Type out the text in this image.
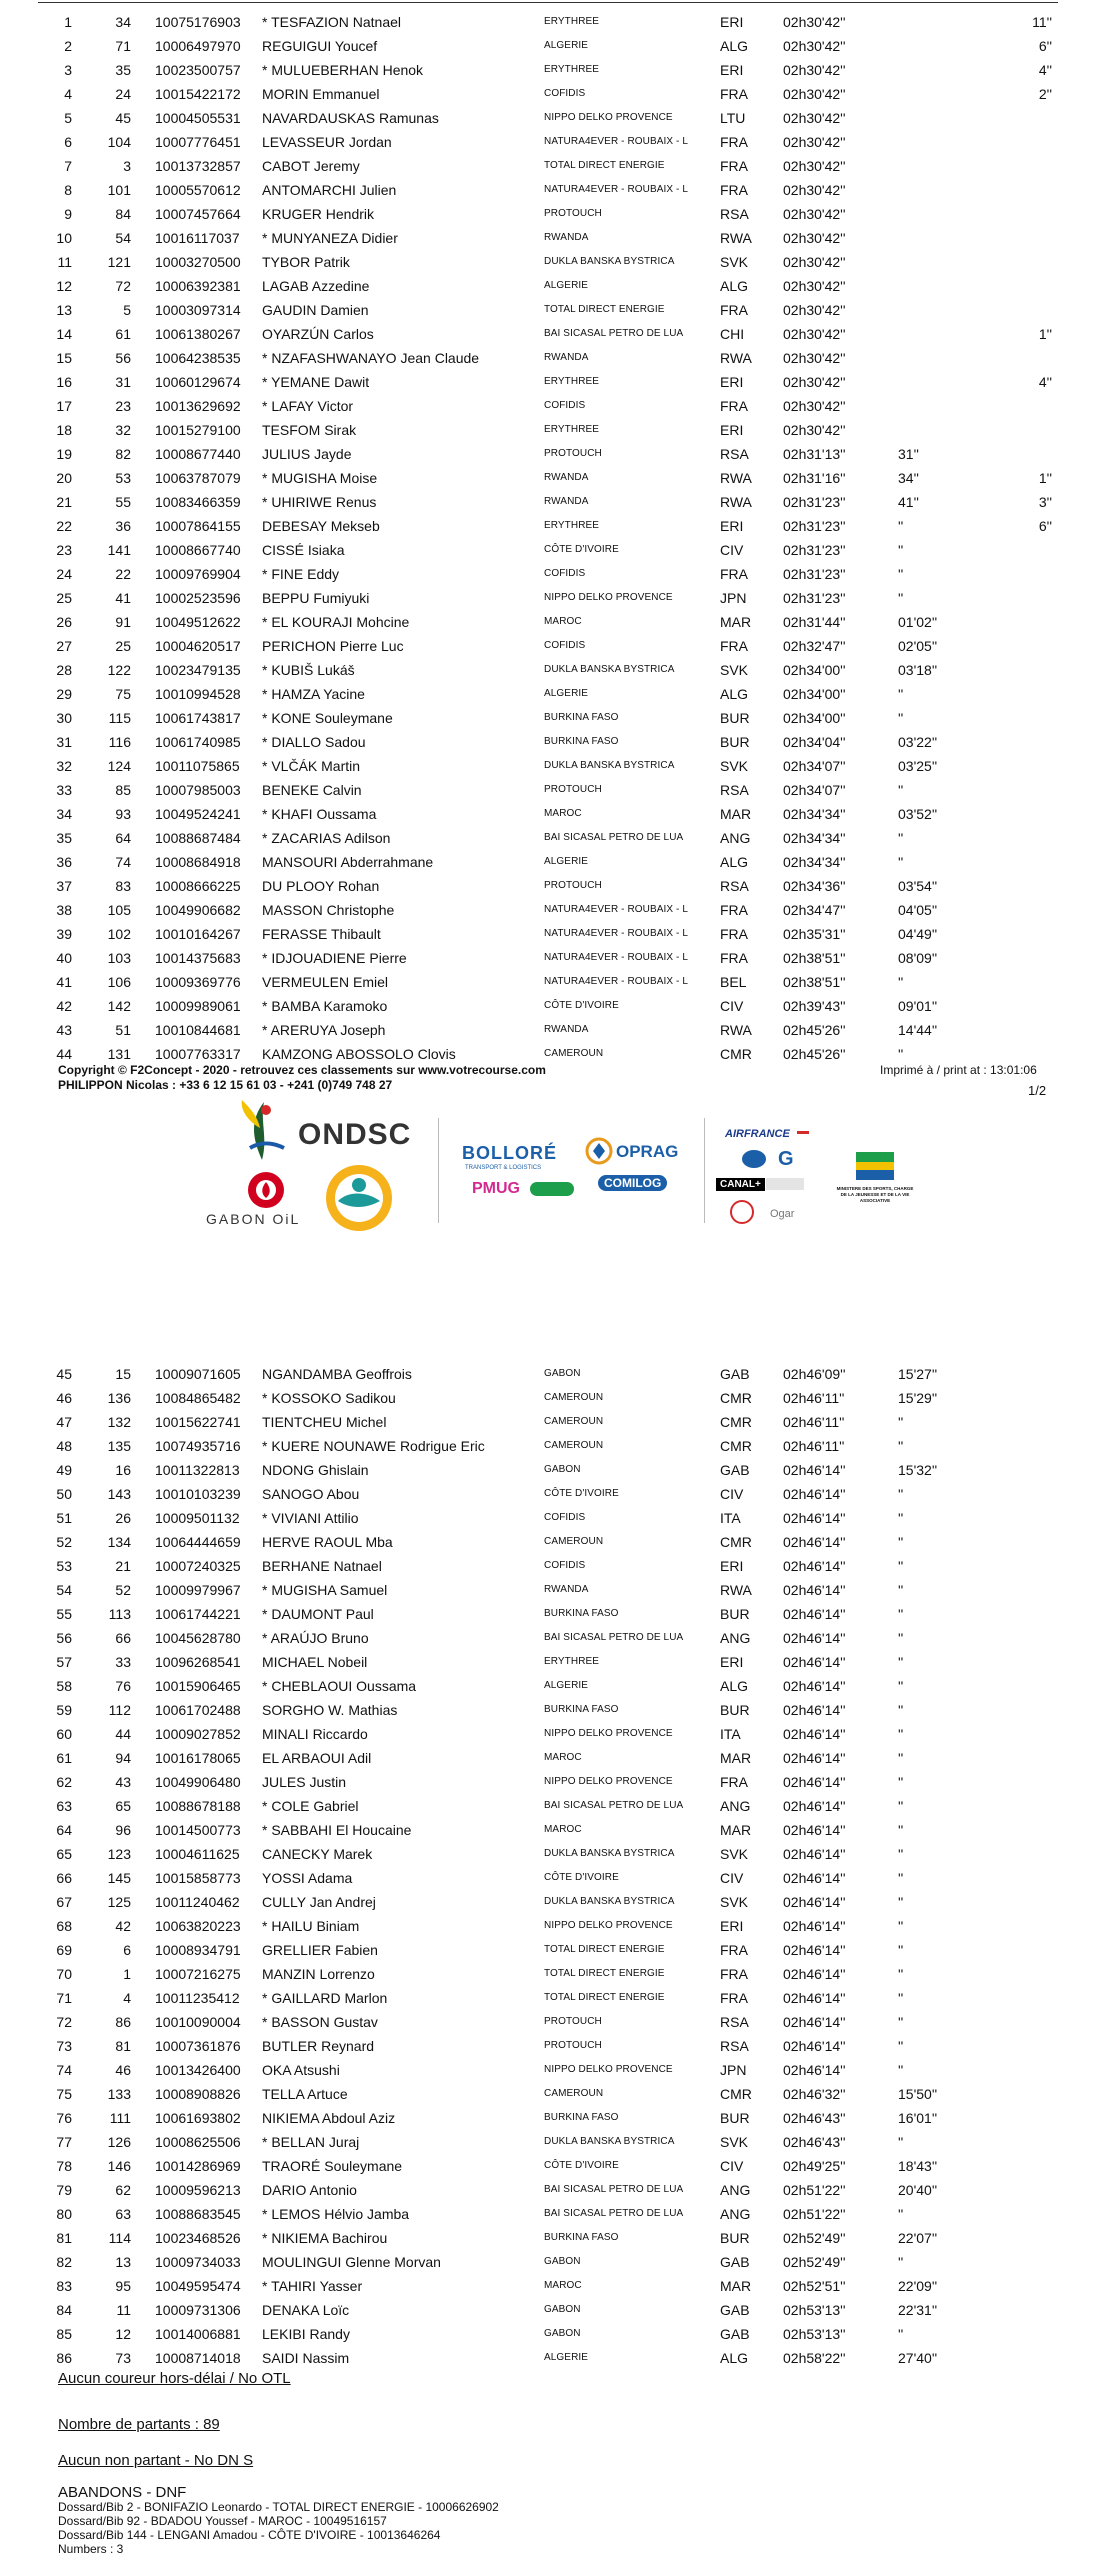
1	34 10075176903 * TESFAZION Natnael	ERYTHREE	ERI	02h30'42''	11''
2	71 10006497970 REGUIGUI Youcef	ALGERIE	ALG 02h30'42''	6''
3	35 10023500757 * MULUEBERHAN Henok	ERYTHREE	ERI	02h30'42''	4''
4	24 10015422172 MORIN Emmanuel	COFIDIS	FRA	02h30'42''	2''
5	45 10004505531 NAVARDAUSKAS Ramunas	NIPPO DELKO PROVENCE	LTU	02h30'42''
6	104 10007776451 LEVASSEUR Jordan	NATURA4EVER - ROUBAIX - L FRA	02h30'42''
7	3 10013732857 CABOT Jeremy	TOTAL DIRECT ENERGIE	FRA	02h30'42''
8	101 10005570612 ANTOMARCHI Julien	NATURA4EVER - ROUBAIX - L FRA	02h30'42''
9	84 10007457664 KRUGER Hendrik	PROTOUCH	RSA 02h30'42''
10	54 10016117037 * MUNYANEZA Didier	RWANDA	RWA 02h30'42''
11	121 10003270500 TYBOR Patrik	DUKLA BANSKA BYSTRICA	SVK 02h30'42''
12	72 10006392381 LAGAB Azzedine	ALGERIE	ALG 02h30'42''
13	5 10003097314 GAUDIN Damien	TOTAL DIRECT ENERGIE	FRA	02h30'42''
14	61 10061380267 OYARZÚN Carlos	BAI SICASAL PETRO DE LUA	CHI	02h30'42''	1''
15	56 10064238535 * NZAFASHWANAYO Jean Claude	RWANDA	RWA 02h30'42''
16	31 10060129674 * YEMANE Dawit	ERYTHREE	ERI	02h30'42''	4''
17	23 10013629692 * LAFAY Victor	COFIDIS	FRA	02h30'42''
18	32 10015279100 TESFOM Sirak	ERYTHREE	ERI	02h30'42''
19	82 10008677440 JULIUS Jayde	PROTOUCH	RSA 02h31'13''	31''
20	53 10063787079 * MUGISHA Moise	RWANDA	RWA 02h31'16''	34''	1''
21	55 10083466359 * UHIRIWE Renus	RWANDA	RWA 02h31'23''	41''	3''
22	36 10007864155 DEBESAY Mekseb	ERYTHREE	ERI	02h31'23''	''	6''
23	141 10008667740 CISSÉ Isiaka	CÔTE D'IVOIRE	CIV	02h31'23''	''
24	22 10009769904 * FINE Eddy	COFIDIS	FRA	02h31'23''	''
25	41 10002523596 BEPPU Fumiyuki	NIPPO DELKO PROVENCE	JPN	02h31'23''	''
26	91 10049512622 * EL KOURAJI Mohcine	MAROC	MAR 02h31'44''	01'02''
27	25 10004620517 PERICHON Pierre Luc	COFIDIS	FRA	02h32'47''	02'05''
28	122 10023479135 * KUBIŠ Lukáš	DUKLA BANSKA BYSTRICA	SVK 02h34'00''	03'18''
29	75 10010994528 * HAMZA Yacine	ALGERIE	ALG 02h34'00''	''
30	115 10061743817 * KONE Souleymane	BURKINA FASO	BUR 02h34'00''	''
31	116 10061740985 * DIALLO Sadou	BURKINA FASO	BUR 02h34'04''	03'22''
32	124 10011075865 * VLČÁK Martin	DUKLA BANSKA BYSTRICA	SVK 02h34'07''	03'25''
33	85 10007985003 BENEKE Calvin	PROTOUCH	RSA 02h34'07''	''
34	93 10049524241 * KHAFI Oussama	MAROC	MAR 02h34'34''	03'52''
35	64 10088687484 * ZACARIAS Adilson	BAI SICASAL PETRO DE LUA	ANG 02h34'34''	''
36	74 10008684918 MANSOURI Abderrahmane	ALGERIE	ALG 02h34'34''	''
37	83 10008666225 DU PLOOY Rohan	PROTOUCH	RSA 02h34'36''	03'54''
38	105 10049906682 MASSON Christophe	NATURA4EVER - ROUBAIX - L FRA	02h34'47''	04'05''
39	102 10010164267 FERASSE Thibault	NATURA4EVER - ROUBAIX - L FRA	02h35'31''	04'49''
40	103 10014375683 * IDJOUADIENE Pierre	NATURA4EVER - ROUBAIX - L FRA	02h38'51''	08'09''
41	106 10009369776 VERMEULEN Emiel	NATURA4EVER - ROUBAIX - L BEL	02h38'51''	''
42	142 10009989061 * BAMBA Karamoko	CÔTE D'IVOIRE	CIV	02h39'43''	09'01''
43	51 10010844681 * ARERUYA Joseph	RWANDA	RWA 02h45'26''	14'44''
44	131 10007763317 KAMZONG ABOSSOLO Clovis	CAMEROUN	CMR 02h45'26''	''
Copyright © F2Concept - 2020 - retrouvez ces classements sur www.votrecourse.com
PHILIPPON Nicolas : +33 6 12 15 61 03 - +241 (0)749 748 27
Imprimé à / print at : 13:01:06
1/2
ONDSC
GABON OiL
BOLLORÉ
TRANSPORT & LOGISTICS
OPRAG
PMUG	COMILOG
AIRFRANCE
G
CANAL+
Ogar
MINISTERE DES SPORTS, CHARGE DE LA JEUNESSE ET DE LA VIE ASSOCIATIVE
45	15 10009071605 NGANDAMBA Geoffrois	GABON	GAB 02h46'09''	15'27''
46	136 10084865482 * KOSSOKO Sadikou	CAMEROUN	CMR 02h46'11''	15'29''
47	132 10015622741 TIENTCHEU Michel	CAMEROUN	CMR 02h46'11''	''
48	135 10074935716 * KUERE NOUNAWE Rodrigue Eric	CAMEROUN	CMR 02h46'11''	''
49	16 10011322813 NDONG Ghislain	GABON	GAB 02h46'14''	15'32''
50	143 10010103239 SANOGO Abou	CÔTE D'IVOIRE	CIV	02h46'14''	''
51	26 10009501132 * VIVIANI Attilio	COFIDIS	ITA	02h46'14''	''
52	134 10064444659 HERVE RAOUL Mba	CAMEROUN	CMR 02h46'14''	''
53	21 10007240325 BERHANE Natnael	COFIDIS	ERI	02h46'14''	''
54	52 10009979967 * MUGISHA Samuel	RWANDA	RWA 02h46'14''	''
55	113 10061744221 * DAUMONT Paul	BURKINA FASO	BUR 02h46'14''	''
56	66 10045628780 * ARAÚJO Bruno	BAI SICASAL PETRO DE LUA	ANG 02h46'14''	''
57	33 10096268541 MICHAEL Nobeil	ERYTHREE	ERI	02h46'14''	''
58	76 10015906465 * CHEBLAOUI Oussama	ALGERIE	ALG 02h46'14''	''
59	112 10061702488 SORGHO W. Mathias	BURKINA FASO	BUR 02h46'14''	''
60	44 10009027852 MINALI Riccardo	NIPPO DELKO PROVENCE	ITA	02h46'14''	''
61	94 10016178065 EL ARBAOUI Adil	MAROC	MAR 02h46'14''	''
62	43 10049906480 JULES Justin	NIPPO DELKO PROVENCE	FRA	02h46'14''	''
63	65 10088678188 * COLE Gabriel	BAI SICASAL PETRO DE LUA	ANG 02h46'14''	''
64	96 10014500773 * SABBAHI El Houcaine	MAROC	MAR 02h46'14''	''
65	123 10004611625 CANECKY Marek	DUKLA BANSKA BYSTRICA	SVK 02h46'14''	''
66	145 10015858773 YOSSI Adama	CÔTE D'IVOIRE	CIV	02h46'14''	''
67	125 10011240462 CULLY Jan Andrej	DUKLA BANSKA BYSTRICA	SVK 02h46'14''	''
68	42 10063820223 * HAILU Biniam	NIPPO DELKO PROVENCE	ERI	02h46'14''	''
69	6 10008934791 GRELLIER Fabien	TOTAL DIRECT ENERGIE	FRA	02h46'14''	''
70	1 10007216275 MANZIN Lorrenzo	TOTAL DIRECT ENERGIE	FRA	02h46'14''	''
71	4 10011235412 * GAILLARD Marlon	TOTAL DIRECT ENERGIE	FRA	02h46'14''	''
72	86 10010090004 * BASSON Gustav	PROTOUCH	RSA 02h46'14''	''
73	81 10007361876 BUTLER Reynard	PROTOUCH	RSA 02h46'14''	''
74	46 10013426400 OKA Atsushi	NIPPO DELKO PROVENCE	JPN	02h46'14''	''
75	133 10008908826 TELLA Artuce	CAMEROUN	CMR 02h46'32''	15'50''
76	111 10061693802 NIKIEMA Abdoul Aziz	BURKINA FASO	BUR 02h46'43''	16'01''
77	126 10008625506 * BELLAN Juraj	DUKLA BANSKA BYSTRICA	SVK 02h46'43''	''
78	146 10014286969 TRAORÉ Souleymane	CÔTE D'IVOIRE	CIV	02h49'25''	18'43''
79	62 10009596213 DARIO Antonio	BAI SICASAL PETRO DE LUA	ANG 02h51'22''	20'40''
80	63 10088683545 * LEMOS Hélvio Jamba	BAI SICASAL PETRO DE LUA	ANG 02h51'22''	''
81	114 10023468526 * NIKIEMA Bachirou	BURKINA FASO	BUR 02h52'49''	22'07''
82	13 10009734033 MOULINGUI Glenne Morvan	GABON	GAB 02h52'49''	''
83	95 10049595474 * TAHIRI Yasser	MAROC	MAR 02h52'51''	22'09''
84	11 10009731306 DENAKA Loïc	GABON	GAB 02h53'13''	22'31''
85	12 10014006881 LEKIBI Randy	GABON	GAB 02h53'13''	''
86	73 10008714018 SAIDI Nassim	ALGERIE	ALG 02h58'22''	27'40''
Aucun coureur hors-délai / No OTL
Nombre de partants : 89
Aucun non partant - No DN S
ABANDONS - DNF
Dossard/Bib 2 - BONIFAZIO Leonardo - TOTAL DIRECT ENERGIE - 10006626902
Dossard/Bib 92 - BDADOU Youssef - MAROC - 10049516157
Dossard/Bib 144 - LENGANI Amadou - CÔTE D'IVOIRE - 10013646264
Numbers : 3
